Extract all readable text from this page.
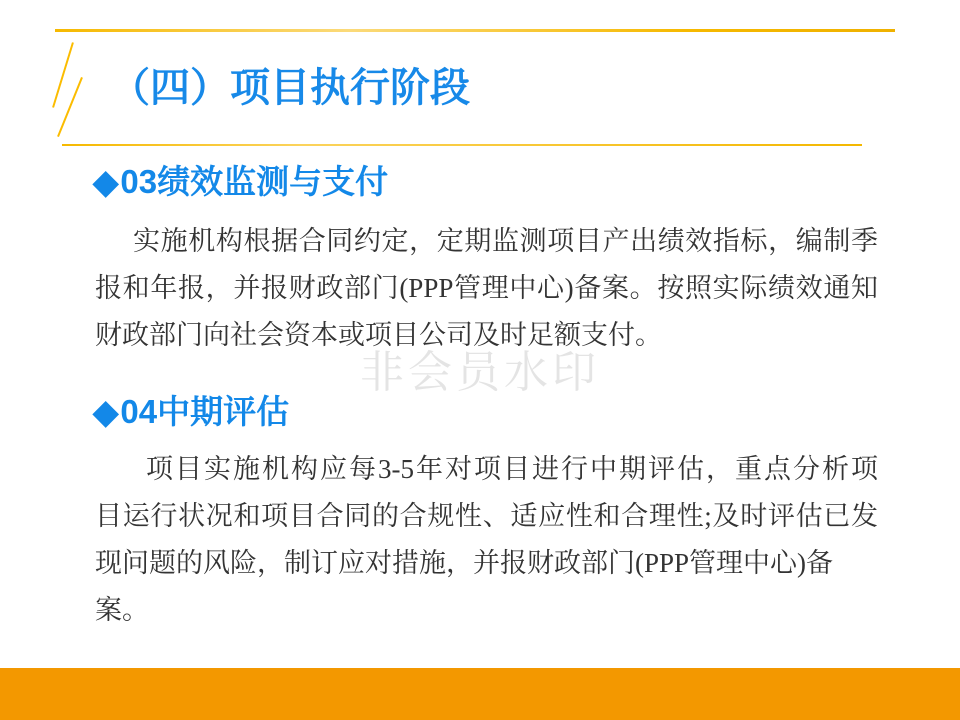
（四）项目执行阶段
◆03绩效监测与支付
实施机构根据合同约定，定期监测项目产出绩效指标，编制季
报和年报，并报财政部门(PPP管理中心)备案。按照实际绩效通知
财政部门向社会资本或项目公司及时足额支付。
非会员水印
◆04中期评估
项目实施机构应每3-5年对项目进行中期评估，重点分析项
目运行状况和项目合同的合规性、适应性和合理性;及时评估已发
现问题的风险，制订应对措施，并报财政部门(PPP管理中心)备案。
